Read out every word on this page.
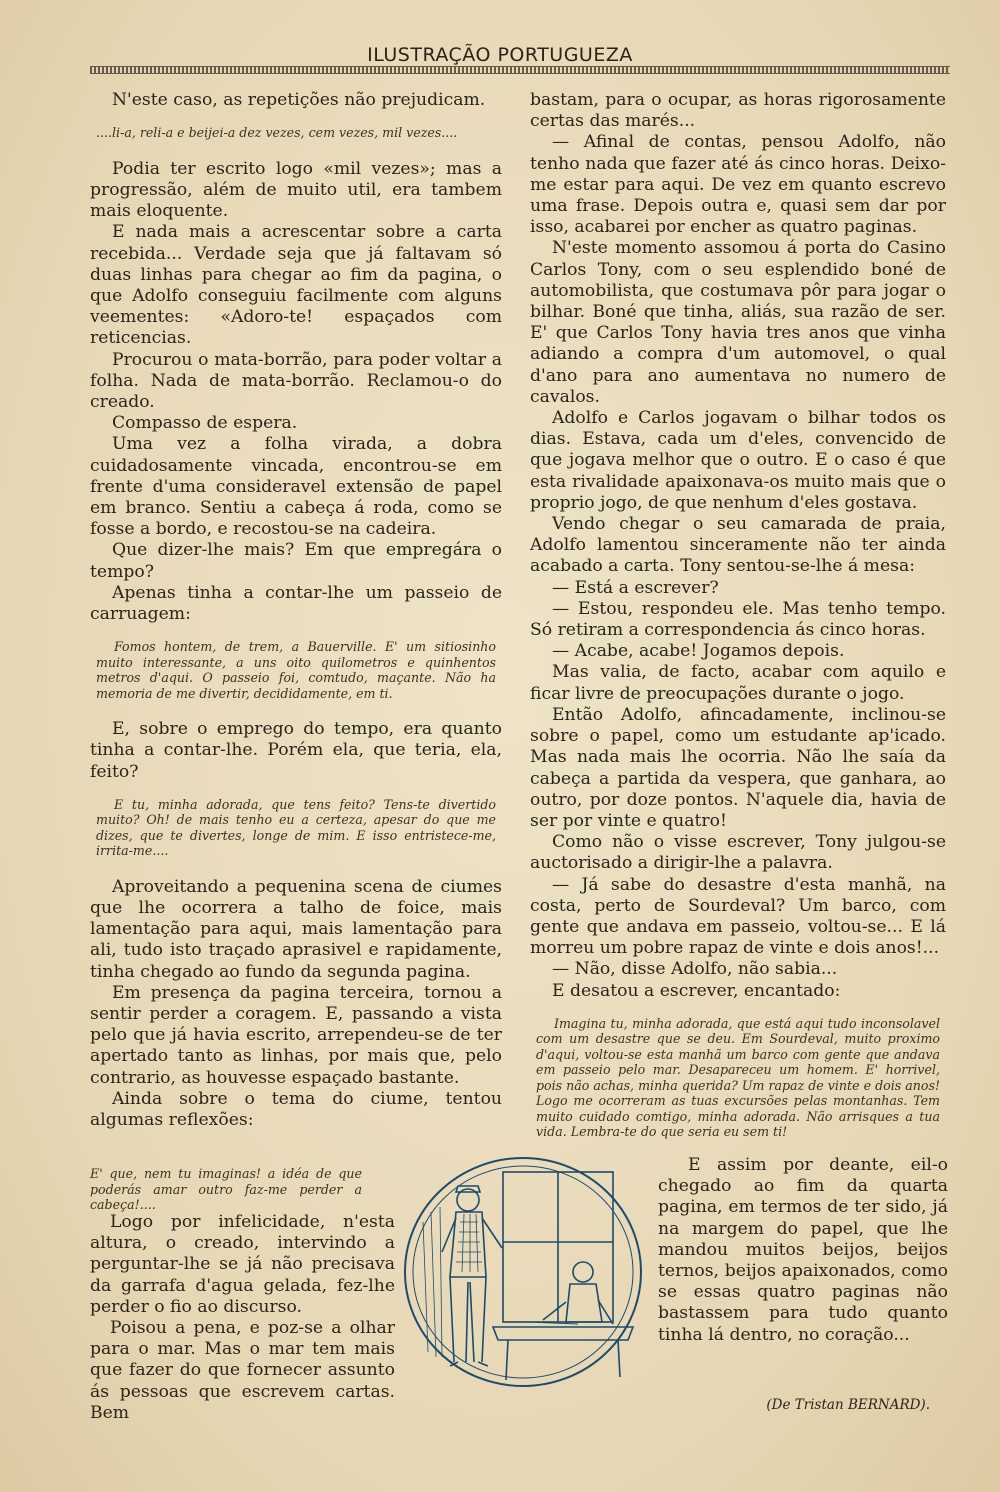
ILUSTRAÇÃO PORTUGUEZA

N'este caso, as repetições não prejudicam.

....li-a, reli-a e beijei-a dez vezes, cem vezes, mil vezes....

Podia ter escrito logo «mil vezes»; mas a progressão, além de muito util, era tambem mais eloquente.

E nada mais a acrescentar sobre a carta recebida... Verdade seja que já faltavam só duas linhas para chegar ao fim da pagina, o que Adolfo conseguiu facilmente com alguns veementes: «Adoro-te! espaçados com reticencias.

Procurou o mata-borrão, para poder voltar a folha. Nada de mata-borrão. Reclamou-o do creado.

Compasso de espera.

Uma vez a folha virada, a dobra cuidadosamente vincada, encontrou-se em frente d'uma consideravel extensão de papel em branco. Sentiu a cabeça á roda, como se fosse a bordo, e recostou-se na cadeira.

Que dizer-lhe mais? Em que empregára o tempo?

Apenas tinha a contar-lhe um passeio de carruagem:

Fomos hontem, de trem, a Bauerville. E' um sitiosinho muito interessante, a uns oito quilometros e quinhentos metros d'aqui. O passeio foi, comtudo, maçante. Não ha memoria de me divertir, decididamente, em ti.

E, sobre o emprego do tempo, era quanto tinha a contar-lhe. Porém ela, que teria, ela, feito?

E tu, minha adorada, que tens feito? Tens-te divertido muito? Oh! de mais tenho eu a certeza, apesar do que me dizes, que te divertes, longe de mim. E isso entristece-me, irrita-me....

Aproveitando a pequenina scena de ciumes que lhe ocorrera a talho de foice, mais lamentação para aqui, mais lamentação para ali, tudo isto traçado aprasivel e rapidamente, tinha chegado ao fundo da segunda pagina.

Em presença da pagina terceira, tornou a sentir perder a coragem. E, passando a vista pelo que já havia escrito, arrependeu-se de ter apertado tanto as linhas, por mais que, pelo contrario, as houvesse espaçado bastante.

Ainda sobre o tema do ciume, tentou algumas reflexões:

E' que, nem tu imaginas! a idéa de que poderás amar outro faz-me perder a cabeça!....

Logo por infelicidade, n'esta altura, o creado, intervindo a perguntar-lhe se já não precisava da garrafa d'agua gelada, fez-lhe perder o fio ao discurso.

Poisou a pena, e poz-se a olhar para o mar. Mas o mar tem mais que fazer do que fornecer assunto ás pessoas que escrevem cartas. Bem

bastam, para o ocupar, as horas rigorosamente certas das marés...

— Afinal de contas, pensou Adolfo, não tenho nada que fazer até ás cinco horas. Deixo-me estar para aqui. De vez em quanto escrevo uma frase. Depois outra e, quasi sem dar por isso, acabarei por encher as quatro paginas.

N'este momento assomou á porta do Casino Carlos Tony, com o seu esplendido boné de automobilista, que costumava pôr para jogar o bilhar. Boné que tinha, aliás, sua razão de ser. E' que Carlos Tony havia tres anos que vinha adiando a compra d'um automovel, o qual d'ano para ano aumentava no numero de cavalos.

Adolfo e Carlos jogavam o bilhar todos os dias. Estava, cada um d'eles, convencido de que jogava melhor que o outro. E o caso é que esta rivalidade apaixonava-os muito mais que o proprio jogo, de que nenhum d'eles gostava.

Vendo chegar o seu camarada de praia, Adolfo lamentou sinceramente não ter ainda acabado a carta. Tony sentou-se-lhe á mesa:

— Está a escrever?

— Estou, respondeu ele. Mas tenho tempo. Só retiram a correspondencia ás cinco horas.

— Acabe, acabe! Jogamos depois.

Mas valia, de facto, acabar com aquilo e ficar livre de preocupações durante o jogo.

Então Adolfo, afincadamente, inclinou-se sobre o papel, como um estudante ap'icado. Mas nada mais lhe ocorria. Não lhe saía da cabeça a partida da vespera, que ganhara, ao outro, por doze pontos. N'aquele dia, havia de ser por vinte e quatro!

Como não o visse escrever, Tony julgou-se auctorisado a dirigir-lhe a palavra.

— Já sabe do desastre d'esta manhã, na costa, perto de Sourdeval? Um barco, com gente que andava em passeio, voltou-se... E lá morreu um pobre rapaz de vinte e dois anos!...

— Não, disse Adolfo, não sabia...

E desatou a escrever, encantado:

Imagina tu, minha adorada, que está aqui tudo inconsolavel com um desastre que se deu. Em Sourdeval, muito proximo d'aqui, voltou-se esta manhã um barco com gente que andava em passeio pelo mar. Desapareceu um homem. E' horrivel, pois não achas, minha querida? Um rapaz de vinte e dois anos! Logo me ocorreram as tuas excursões pelas montanhas. Tem muito cuidado comtigo, minha adorada. Não arrisques a tua vida. Lembra-te do que seria eu sem ti!

E assim por deante, eil-o chegado ao fim da quarta pagina, em termos de ter sido, já na margem do papel, que lhe mandou muitos beijos, beijos ternos, beijos apaixonados, como se essas quatro paginas não bastassem para tudo quanto tinha lá dentro, no coração...

(De Tristan BERNARD).
